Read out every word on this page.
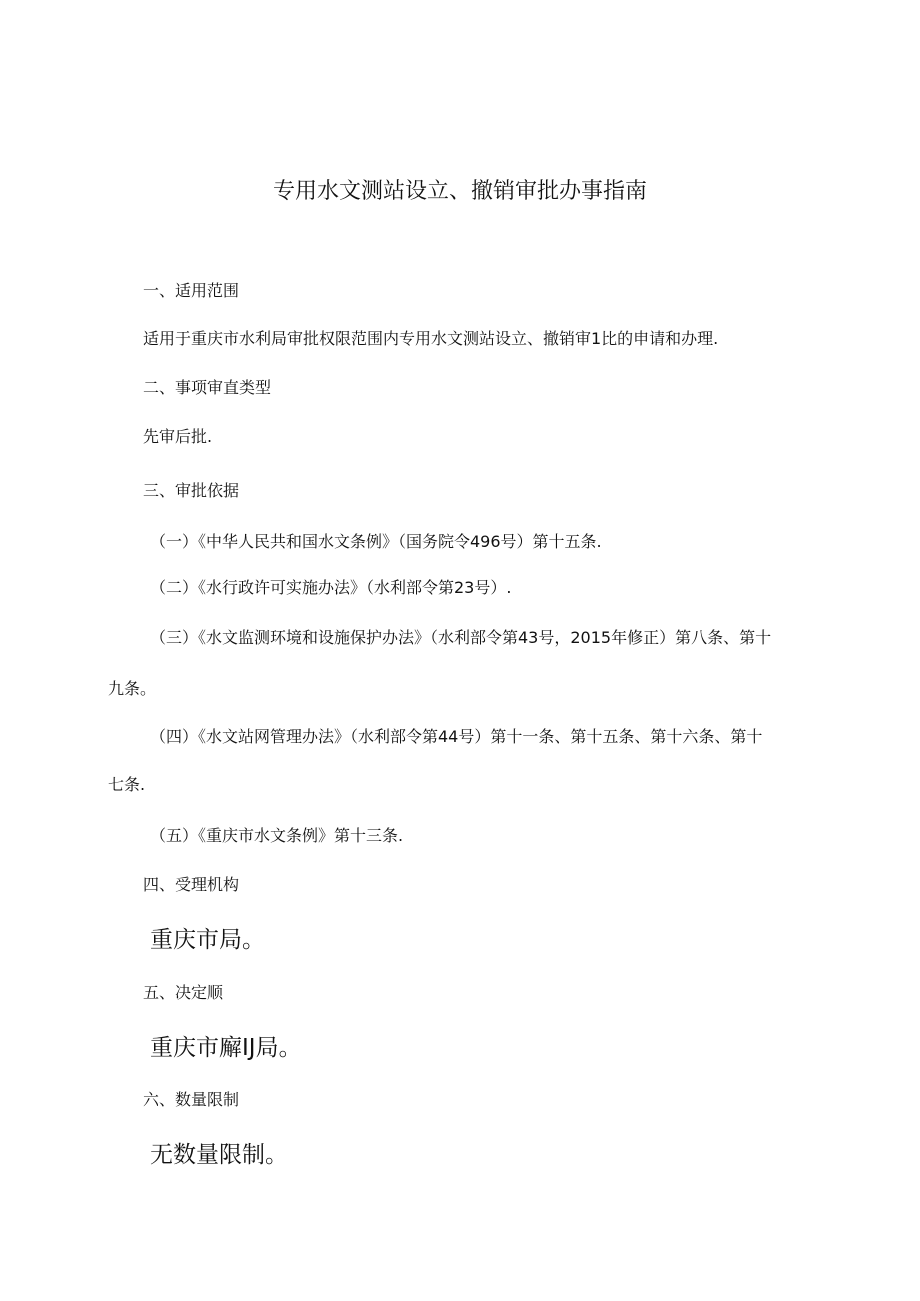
专用水文测站设立、撤销审批办事指南
一、适用范围
适用于重庆市水利局审批权限范围内专用水文测站设立、撤销审1比的申请和办理.
二、事项审直类型
先审后批.
三、审批依据
（一）《中华人民共和国水文条例》（国务院令496号）第十五条.
（二）《水行政许可实施办法》（水利部令第23号）.
（三）《水文监测环境和设施保护办法》（水利部令第43号，2015年修正）第八条、第十
九条。
（四）《水文站网管理办法》（水利部令第44号）第十一条、第十五条、第十六条、第十
七条.
（五）《重庆市水文条例》第十三条.
四、受理机构
重庆市局。
五、决定顺
重庆市廨IJ局。
六、数量限制
无数量限制。
